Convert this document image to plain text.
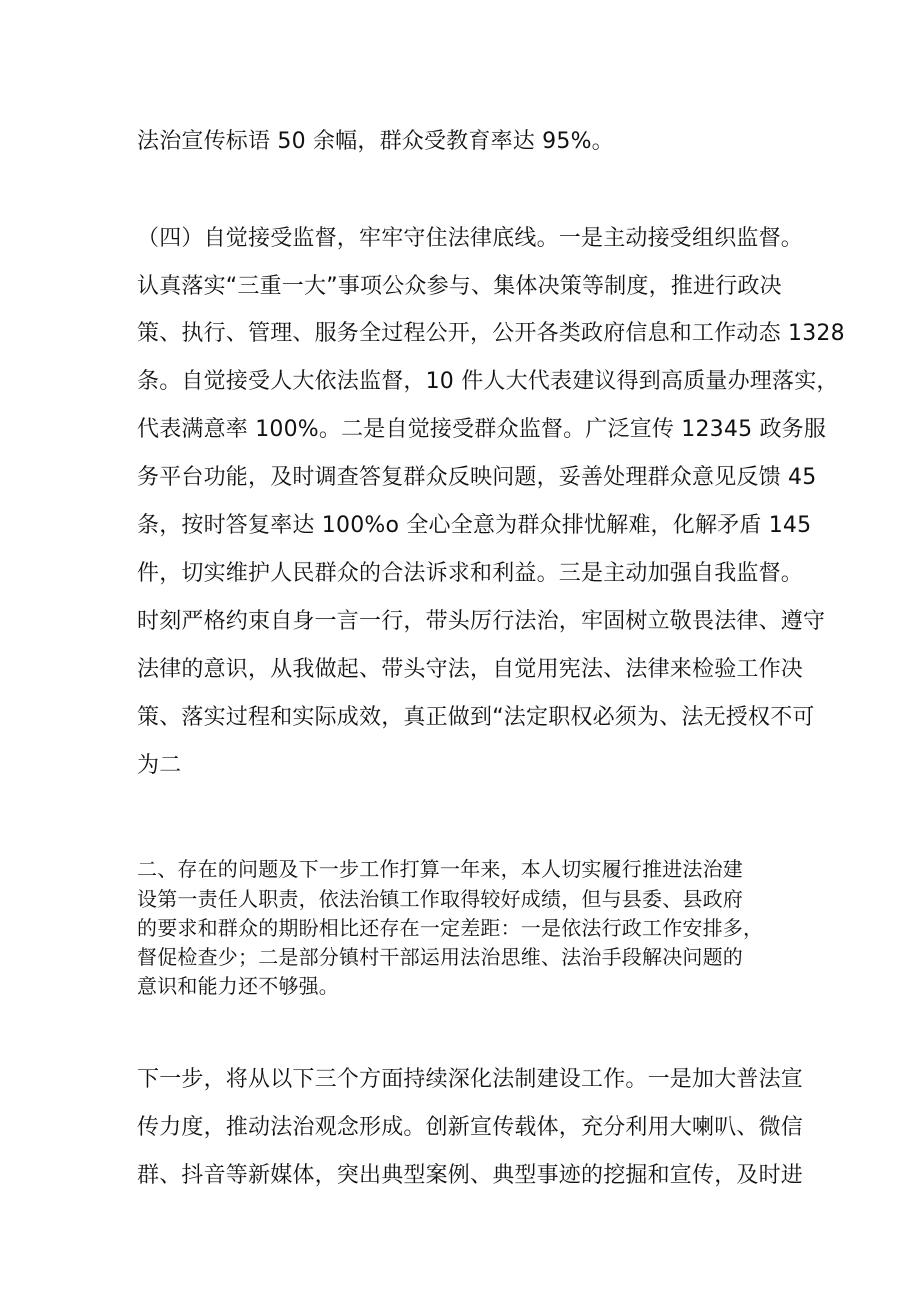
法治宣传标语 50 余幅，群众受教育率达 95%。

（四）自觉接受监督，牢牢守住法律底线。一是主动接受组织监督。

认真落实“三重一大”事项公众参与、集体决策等制度，推进行政决

策、执行、管理、服务全过程公开，公开各类政府信息和工作动态 1328

条。自觉接受人大依法监督，10 件人大代表建议得到高质量办理落实，

代表满意率 100%。二是自觉接受群众监督。广泛宣传 12345 政务服

务平台功能，及时调查答复群众反映问题，妥善处理群众意见反馈 45

条，按时答复率达 100%o 全心全意为群众排忧解难，化解矛盾 145

件，切实维护人民群众的合法诉求和利益。三是主动加强自我监督。

时刻严格约束自身一言一行，带头厉行法治，牢固树立敬畏法律、遵守

法律的意识，从我做起、带头守法，自觉用宪法、法律来检验工作决

策、落实过程和实际成效，真正做到“法定职权必须为、法无授权不可

为二

二、存在的问题及下一步工作打算一年来，本人切实履行推进法治建

设第一责任人职责，依法治镇工作取得较好成绩，但与县委、县政府

的要求和群众的期盼相比还存在一定差距：一是依法行政工作安排多，

督促检查少；二是部分镇村干部运用法治思维、法治手段解决问题的

意识和能力还不够强。

下一步，将从以下三个方面持续深化法制建设工作。一是加大普法宣

传力度，推动法治观念形成。创新宣传载体，充分利用大喇叭、微信

群、抖音等新媒体，突出典型案例、典型事迹的挖掘和宣传，及时进
